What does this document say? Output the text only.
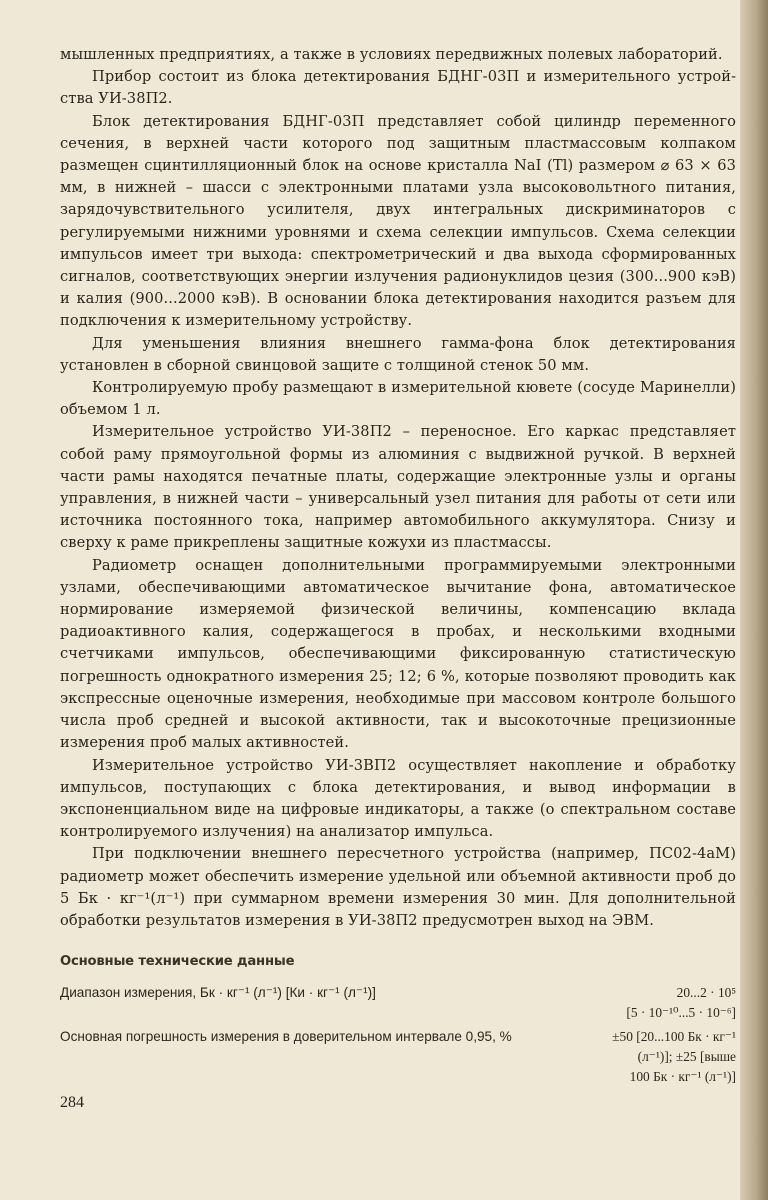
мышленных предприятиях, а также в условиях передвижных полевых лабораторий.

Прибор состоит из блока детектирования БДНГ-03П и измерительного устройства УИ-38П2.

Блок детектирования БДНГ-03П представляет собой цилиндр переменного сечения, в верхней части которого под защитным пластмассовым колпаком размещен сцинтилляционный блок на основе кристалла NaI (Tl) размером ⌀ 63 × 63 мм, в нижней – шасси с электронными платами узла высоковольтного питания, зарядочувствительного усилителя, двух интегральных дискриминаторов с регулируемыми нижними уровнями и схема селекции импульсов. Схема селекции импульсов имеет три выхода: спектрометрический и два выхода сформированных сигналов, соответствующих энергии излучения радионуклидов цезия (300...900 кэВ) и калия (900...2000 кэВ). В основании блока детектирования находится разъем для подключения к измерительному устройству.

Для уменьшения влияния внешнего гамма-фона блок детектирования установлен в сборной свинцовой защите с толщиной стенок 50 мм.

Контролируемую пробу размещают в измерительной кювете (сосуде Маринелли) объемом 1 л.

Измерительное устройство УИ-38П2 – переносное. Его каркас представляет собой раму прямоугольной формы из алюминия с выдвижной ручкой. В верхней части рамы находятся печатные платы, содержащие электронные узлы и органы управления, в нижней части – универсальный узел питания для работы от сети или источника постоянного тока, например автомобильного аккумулятора. Снизу и сверху к раме прикреплены защитные кожухи из пластмассы.

Радиометр оснащен дополнительными программируемыми электронными узлами, обеспечивающими автоматическое вычитание фона, автоматическое нормирование измеряемой физической величины, компенсацию вклада радиоактивного калия, содержащегося в пробах, и несколькими входными счетчиками импульсов, обеспечивающими фиксированную статистическую погрешность однократного измерения 25; 12; 6 %, которые позволяют проводить как экспрессные оценочные измерения, необходимые при массовом контроле большого числа проб средней и высокой активности, так и высокоточные прецизионные измерения проб малых активностей.

Измерительное устройство УИ-3ВП2 осуществляет накопление и обработку импульсов, поступающих с блока детектирования, и вывод информации в экспоненциальном виде на цифровые индикаторы, а также (о спектральном составе контролируемого излучения) на анализатор импульса.

При подключении внешнего пересчетного устройства (например, ПС02-4аМ) радиометр может обеспечить измерение удельной или объемной активности проб до 5 Бк · кг⁻¹(л⁻¹) при суммарном времени измерения 30 мин. Для дополнительной обработки результатов измерения в УИ-38П2 предусмотрен выход на ЭВМ.

Основные технические данные
Диапазон измерения, Бк · кг⁻¹ (л⁻¹) [Ки · кг⁻¹ (л⁻¹)]	20...2 · 10⁵
[5 · 10⁻¹⁰...5 · 10⁻⁶]
Основная погрешность измерения в доверительном интервале 0,95, %	±50 [20...100 Бк · кг⁻¹
(л⁻¹)]; ±25 [выше
100 Бк · кг⁻¹ (л⁻¹)]
284
